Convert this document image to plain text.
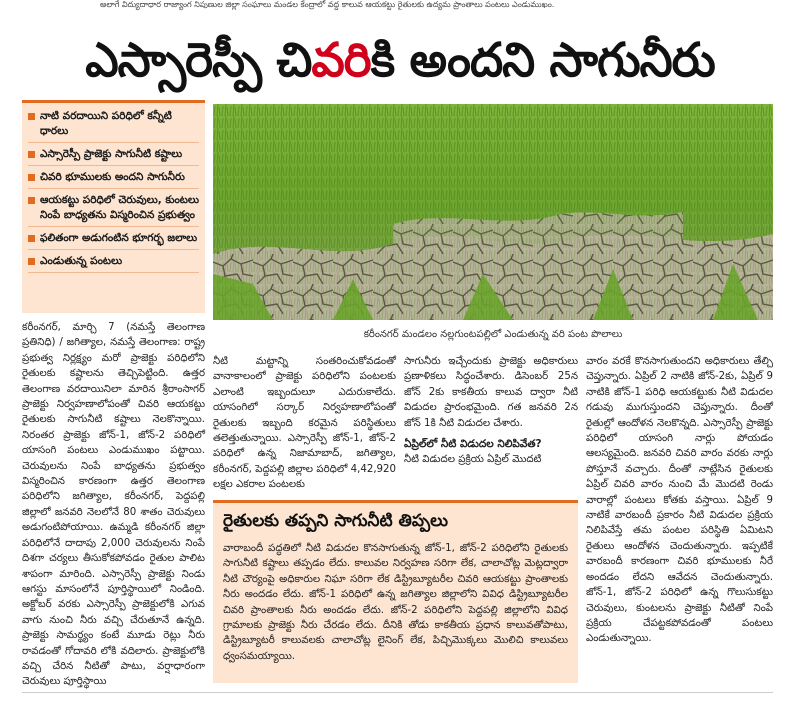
అలాగే విద్యుదాధార రాజ్యాంగ నిపుణుల జిల్లా సంఘాలు మండల కేంద్రాలో వద్ద కాలువ ఆయకట్టు రైతులకు ఉద్యమ ప్రాంతాలు పంటలు ఎండుముఖం.
ఎస్సారెస్పీ చివరికి అందని సాగునీరు
నాటి వరదాయిని పరిధిలో కన్నీటి ధారలు
ఎస్సారెస్పీ ప్రాజెక్టు సాగునీటి కష్టాలు
చివరి భూములకు అందని సాగునీరు
ఆయకట్టు పరిధిలో చెరువులు, కుంటలు నింపే బాధ్యతను విస్మరించిన ప్రభుత్వం
ఫలితంగా అడుగంటిన భూగర్భ జలాలు
ఎండుతున్న పంటలు
కరీంనగర్ మండలం నల్లగుంటపల్లిలో ఎండుతున్న వరి పంట పొలాలు
కరీంనగర్, మార్చి 7 (నమస్తే తెలంగాణ ప్రతినిధి) / జగిత్యాల, నమస్తే తెలంగాణ: రాష్ట్ర ప్రభుత్వ నిర్లక్ష్యం మరో ప్రాజెక్టు పరిధిలోని రైతులకు కష్టాలను తెచ్చిపెట్టింది. ఉత్తర తెలంగాణ వరదాయినిలా మారిన శ్రీరాంసాగర్ ప్రాజెక్టు నిర్వహణాలోపంతో చివరి ఆయకట్టు రైతులకు సాగునీటి కష్టాలు నెలకొన్నాయి. నిరంతర ప్రాజెక్టు జోన్-1, జోన్-2 పరిధిలో యాసంగి పంటలు ఎండుముఖం పట్టాయి. చెరువులను నింపే బాధ్యతను ప్రభుత్వం విస్మరించిన కారణంగా ఉత్తర తెలంగాణ పరిధిలోని జగిత్యాల, కరీంనగర్, పెద్దపల్లి జిల్లాలో జనవరి నెలలోనే 80 శాతం చెరువులు అడుగంటిపోయాయి. ఉమ్మడి కరీంనగర్ జిల్లా పరిధిలోనే దాదాపు 2,000 చెరువులను నింపే దిశగా చర్యలు తీసుకోకపోవడం రైతుల పాలిట శాపంగా మారింది. ఎస్సారెస్పీ ప్రాజెక్టు నిండు ఆగస్టు మాసంలోనే పూర్తిస్థాయిలో నిండింది. అక్టోబర్ వరకు ఎస్సారెస్పీ ప్రాజెక్టులోకి ఎగువ వాగు నుంచి నీరు వచ్చి చేరుతూనే ఉన్నది. ప్రాజెక్టు సామర్థ్యం కంటే మూడు రెట్లు నీరు రావడంతో గోదావరి లోకి వదిలారు. ప్రాజెక్టులోకి వచ్చి చేరిన నీటితో పాటు, వర్షాధారంగా చెరువులు పూర్తిస్థాయి
నీటి మట్టాన్ని సంతరించుకోవడంతో వానాకాలంలో ప్రాజెక్టు పరిధిలోని పంటలకు ఎలాంటి ఇబ్బందులూ ఎదురుకాలేదు. యాసంగిలో సర్కార్ నిర్వహణాలోపంతో రైతులకు ఇబ్బంది కరమైన పరిస్థితులు తలెత్తుతున్నాయి. ఎస్సారెస్పీ జోన్-1, జోన్-2 పరిధిలో ఉన్న నిజామాబాద్, జగిత్యాల, కరీంనగర్, పెద్దపల్లి జిల్లాల పరిధిలో 4,42,920 లక్షల ఎకరాల పంటలకు
సాగునీరు ఇచ్చేందుకు ప్రాజెక్టు అధికారులు ప్రణాళికలు సిద్ధంచేశారు. డిసెంబర్ 25న జోన్ 2కు కాకతీయ కాలువ ద్వారా నీటి విడుదల ప్రారంభమైంది. గత జనవరి 2న జోన్ 1కి నీటి విడుదల చేశారు.
ఏప్రిల్‌లో నీటి విడుదల నిలిపివేత?
నీటి విడుదల ప్రక్రియ ఏప్రిల్ మొదటి
వారం వరకే కొనసాగుతుందని అధికారులు తేల్చి చెప్తున్నారు. ఏప్రిల్ 2 నాటికి జోన్-2కు, ఏప్రిల్ 9 నాటికి జోన్-1 పరిధి ఆయకట్టుకు నీటి విడుదల గడువు ముగుస్తుందని చెప్తున్నారు. దీంతో రైతుల్లో ఆందోళన నెలకొన్నది. ఎస్సారెస్పీ ప్రాజెక్టు పరిధిలో యాసంగి నార్లు పోయడం ఆలస్యమైంది. జనవరి చివరి వారం వరకు నార్లు పోస్తూనే వచ్చారు. దీంతో నాట్లేసిన రైతులకు ఏప్రిల్ చివరి వారం నుంచి మే మొదటి రెండు వారాల్లో పంటలు కోతకు వస్తాయి. ఏప్రిల్ 9 నాటికే వారబందీ ప్రకారం నీటి విడుదల ప్రక్రియ నిలిపివేస్తే తమ పంటల పరిస్థితి ఏమిటని రైతులు ఆందోళన చెందుతున్నారు. ఇప్పటికే వారబందీ కారణంగా చివరి భూములకు నీరే అందడం లేదని ఆవేదన చెందుతున్నారు. జోన్-1, జోన్-2 పరిధిలో ఉన్న గొలుసుకట్టు చెరువులు, కుంటలను ప్రాజెక్టు నీటితో నింపే ప్రక్రియ చేపట్టకపోవడంతో పంటలు ఎండుతున్నాయి.
రైతులకు తప్పని సాగునీటి తిప్పలు
వారాబందీ పద్ధతిలో నీటి విడుదల కొనసాగుతున్న జోన్-1, జోన్-2 పరిధిలోని రైతులకు సాగునీటి కష్టాలు తప్పడం లేదు. కాలువల నిర్వహణ సరిగా లేక, చాలాచోట్ల మెట్లద్వారా నీటి చౌర్యంపై అధికారుల నిఘా సరిగా లేక డిస్ట్రిబ్యూటరీల చివరి ఆయకట్టు ప్రాంతాలకు నీరు అందడం లేదు. జోన్-1 పరిధిలో ఉన్న జగిత్యాల జిల్లాలోని వివిధ డిస్ట్రిబ్యూటరీల చివరి ప్రాంతాలకు నీరు అందడం లేదు. జోన్-2 పరిధిలోని పెద్దపల్లి జిల్లాలోని వివిధ గ్రామాలకు ప్రాజెక్టు నీరు చేరడం లేదు. దీనికి తోడు కాకతీయ ప్రధాన కాలువతోపాటు, డిస్ట్రిబ్యూటరీ కాలువలకు చాలాచోట్ల లైనింగ్ లేక, పిచ్చిమొక్కలు మొలిచి కాలువలు ధ్వంసమయ్యాయి.
